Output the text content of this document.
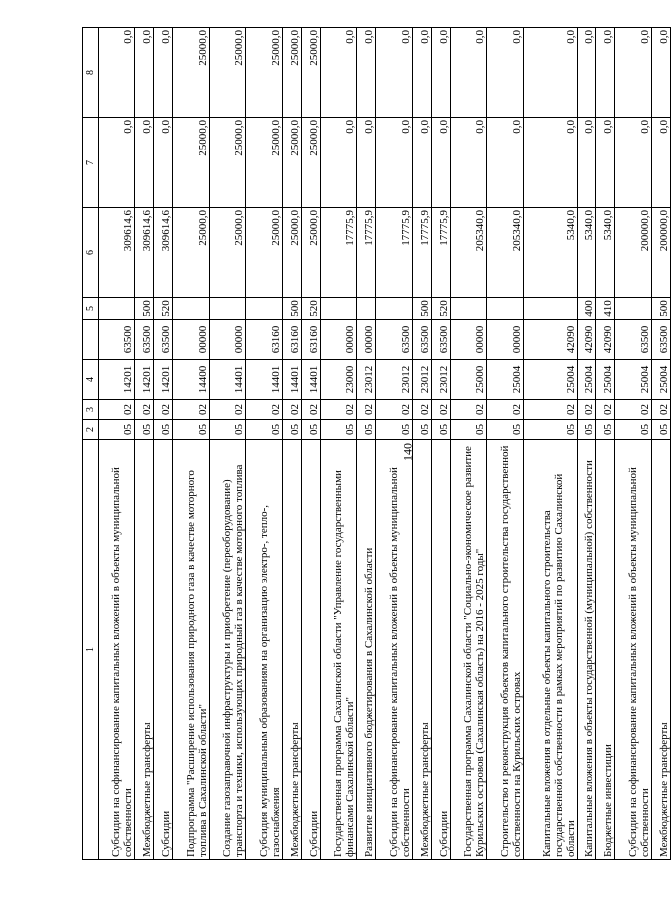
140
1	2	3	4		5	6	7	8
Субсидии на софинансирование капитальных вложений в объекты муниципальной собственности	05	02	14201	63500		309614,6	0,0	0,0
Межбюджетные трансферты	05	02	14201	63500	500	309614,6	0,0	0,0
Субсидии	05	02	14201	63500	520	309614,6	0,0	0,0
Подпрограмма "Расширение использования природного газа в качестве моторного топлива в Сахалинской области"	05	02	14400	00000		25000,0	25000,0	25000,0
Создание газозаправочной инфраструктуры и приобретение (переоборудование) транспорта и техники, использующих природный газ в качестве моторного топлива	05	02	14401	00000		25000,0	25000,0	25000,0
Субсидия муниципальным образованиям на организацию электро-, тепло-, газоснабжения	05	02	14401	63160		25000,0	25000,0	25000,0
Межбюджетные трансферты	05	02	14401	63160	500	25000,0	25000,0	25000,0
Субсидии	05	02	14401	63160	520	25000,0	25000,0	25000,0
Государственная программа Сахалинской области "Управление государственными финансами Сахалинской области"	05	02	23000	00000		17775,9	0,0	0,0
Развитие инициативного бюджетирования в Сахалинской области	05	02	23012	00000		17775,9	0,0	0,0
Субсидии на софинансирование капитальных вложений в объекты муниципальной собственности	05	02	23012	63500		17775,9	0,0	0,0
Межбюджетные трансферты	05	02	23012	63500	500	17775,9	0,0	0,0
Субсидии	05	02	23012	63500	520	17775,9	0,0	0,0
Государственная программа Сахалинской области "Социально-экономическое развитие Курильских островов (Сахалинская область) на 2016 - 2025 годы"	05	02	25000	00000		205340,0	0,0	0,0
Строительство и реконструкция объектов капитального строительства государственной собственности на Курильских островах	05	02	25004	00000		205340,0	0,0	0,0
Капитальные вложения в отдельные объекты капитального строительства государственной собственности в рамках мероприятий по развитию Сахалинской области	05	02	25004	42090		5340,0	0,0	0,0
Капитальные вложения в объекты государственной (муниципальной) собственности	05	02	25004	42090	400	5340,0	0,0	0,0
Бюджетные инвестиции	05	02	25004	42090	410	5340,0	0,0	0,0
Субсидии на софинансирование капитальных вложений в объекты муниципальной собственности	05	02	25004	63500		200000,0	0,0	0,0
Межбюджетные трансферты	05	02	25004	63500	500	200000,0	0,0	0,0
